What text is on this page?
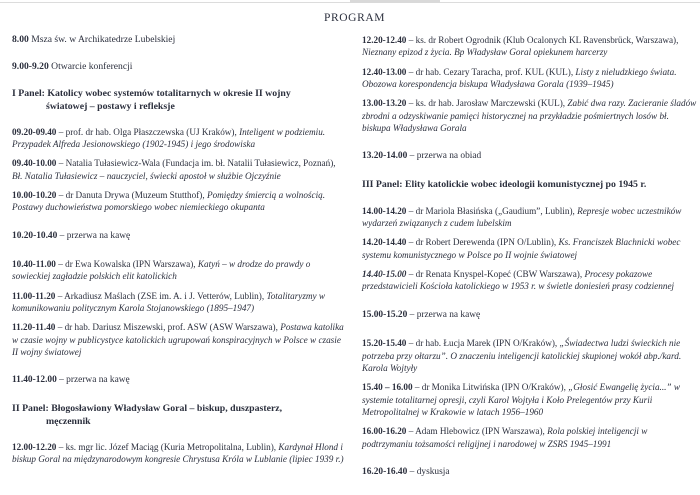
PROGRAM
8.00 Msza św. w Archikatedrze Lubelskiej
9.00-9.20 Otwarcie konferencji
I Panel: Katolicy wobec systemów totalitarnych w okresie II wojny
światowej – postawy i refleksje
09.20-09.40 – prof. dr hab. Olga Płaszczewska (UJ Kraków), Inteligent w podziemiu. Przypadek Alfreda Jesionowskiego (1902-1945) i jego środowiska
09.40-10.00 – Natalia Tułasiewicz-Wala (Fundacja im. bł. Natalii Tułasiewicz, Poznań), Bł. Natalia Tułasiewicz – nauczyciel, świecki apostoł w służbie Ojczyźnie
10.00-10.20 – dr Danuta Drywa (Muzeum Stutthof), Pomiędzy śmiercią a wolnością. Postawy duchowieństwa pomorskiego wobec niemieckiego okupanta
10.20-10.40 – przerwa na kawę
10.40-11.00 – dr Ewa Kowalska (IPN Warszawa), Katyń – w drodze do prawdy o sowieckiej zagładzie polskich elit katolickich
11.00-11.20 – Arkadiusz Maślach (ZSE im. A. i J. Vetterów, Lublin), Totalitaryzmy w komunikowaniu politycznym Karola Stojanowskiego (1895–1947)
11.20-11.40 – dr hab. Dariusz Miszewski, prof. ASW (ASW Warszawa), Postawa katolika w czasie wojny w publicystyce katolickich ugrupowań konspiracyjnych w Polsce w czasie II wojny światowej
11.40-12.00 – przerwa na kawę
II Panel: Błogosławiony Władysław Goral – biskup, duszpasterz,
męczennik
12.00-12.20 – ks. mgr lic. Józef Maciąg (Kuria Metropolitalna, Lublin), Kardynał Hlond i biskup Goral na międzynarodowym kongresie Chrystusa Króla w Lublanie (lipiec 1939 r.)
12.20-12.40 – ks. dr Robert Ogrodnik (Klub Ocalonych KL Ravensbrück, Warszawa), Nieznany epizod z życia. Bp Władysław Goral opiekunem harcerzy
12.40-13.00 – dr hab. Cezary Taracha, prof. KUL (KUL), Listy z nieludzkiego świata. Obozowa korespondencja biskupa Władysława Gorala (1939–1945)
13.00-13.20 – ks. dr hab. Jarosław Marczewski (KUL), Zabić dwa razy. Zacieranie śladów zbrodni a odzyskiwanie pamięci historycznej na przykładzie pośmiertnych losów bł. biskupa Władysława Gorala
13.20-14.00 – przerwa na obiad
III Panel: Elity katolickie wobec ideologii komunistycznej po 1945 r.
14.00-14.20 – dr Mariola Błasińska („Gaudium”, Lublin), Represje wobec uczestników wydarzeń związanych z cudem lubelskim
14.20-14.40 – dr Robert Derewenda (IPN O/Lublin), Ks. Franciszek Blachnicki wobec systemu komunistycznego w Polsce po II wojnie światowej
14.40-15.00 – dr Renata Knyspel-Kopeć (CBW Warszawa), Procesy pokazowe przedstawicieli Kościoła katolickiego w 1953 r. w świetle doniesień prasy codziennej
15.00-15.20 – przerwa na kawę
15.20-15.40 – dr hab. Łucja Marek (IPN O/Kraków), „Świadectwa ludzi świeckich nie potrzeba przy ołtarzu”. O znaczeniu inteligencji katolickiej skupionej wokół abp./kard. Karola Wojtyły
15.40 – 16.00 – dr Monika Litwińska (IPN O/Kraków), „Głosić Ewangelię życia...” w systemie totalitarnej opresji, czyli Karol Wojtyła i Koło Prelegentów przy Kurii Metropolitalnej w Krakowie w latach 1956–1960
16.00-16.20 – Adam Hlebowicz (IPN Warszawa), Rola polskiej inteligencji w podtrzymaniu tożsamości religijnej i narodowej w ZSRS 1945–1991
16.20-16.40 – dyskusja
